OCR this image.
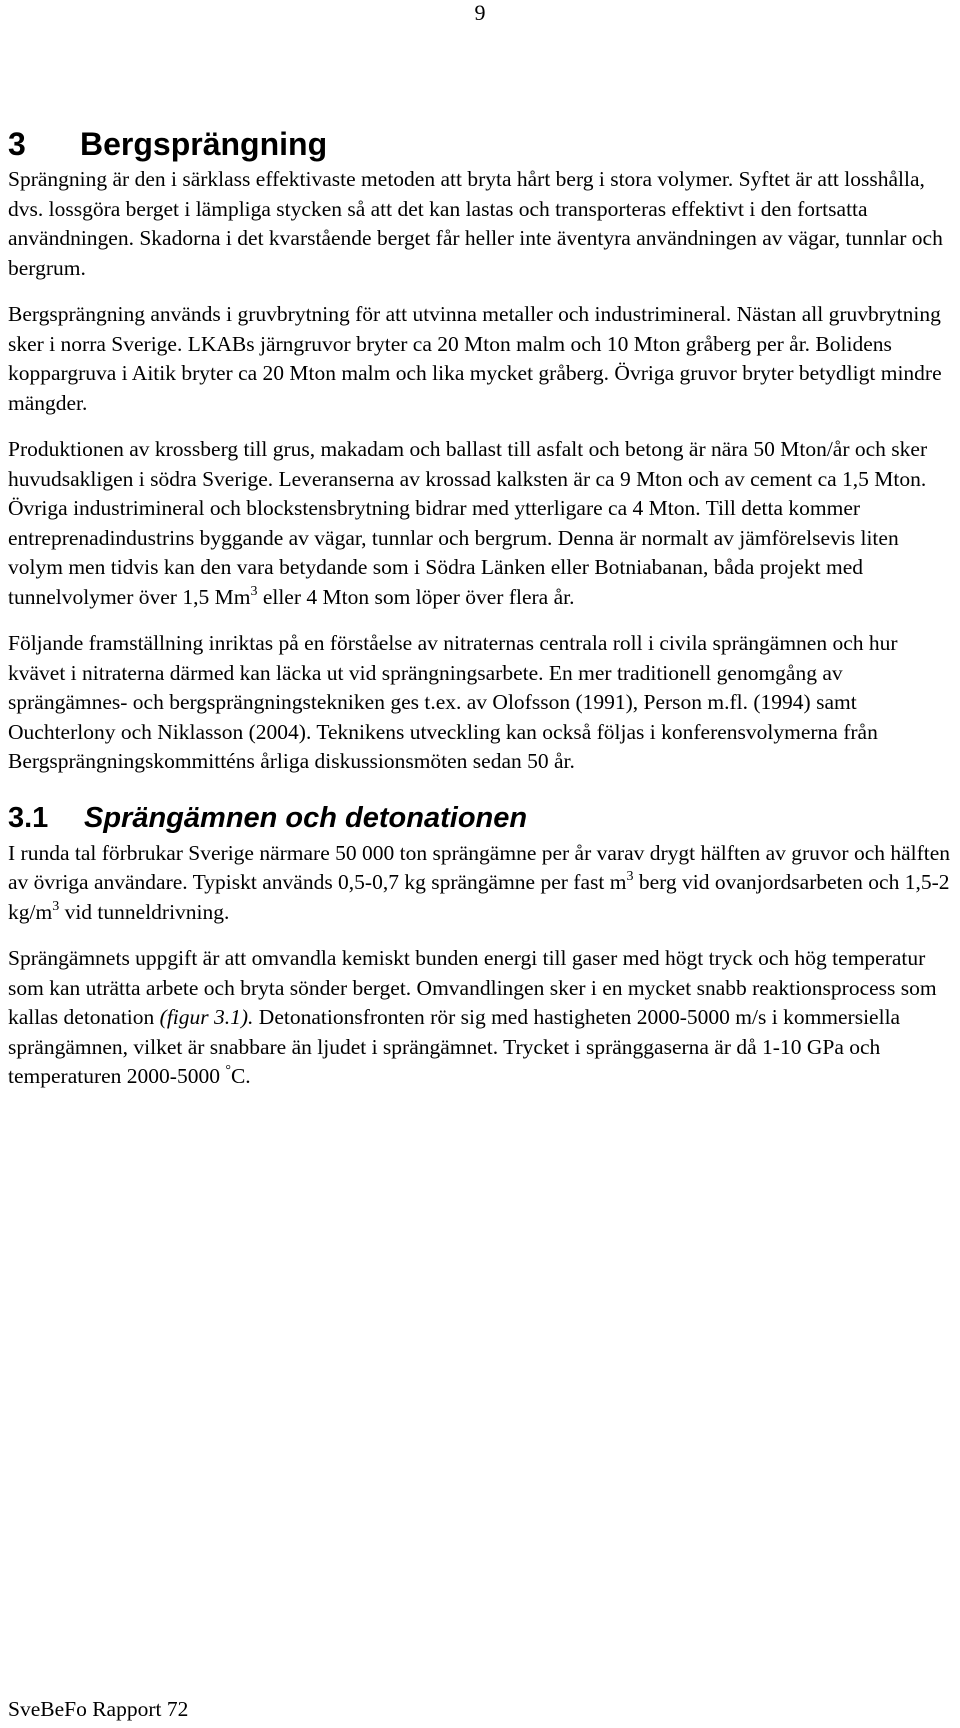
9
3 Bergsprängning

Sprängning är den i särklass effektivaste metoden att bryta hårt berg i stora volymer. Syftet är att losshålla, dvs. lossgöra berget i lämpliga stycken så att det kan lastas och transporteras effektivt i den fortsatta användningen. Skadorna i det kvarstående berget får heller inte äventyra användningen av vägar, tunnlar och bergrum.

Bergsprängning används i gruvbrytning för att utvinna metaller och industrimineral. Nästan all gruvbrytning sker i norra Sverige. LKABs järngruvor bryter ca 20 Mton malm och 10 Mton gråberg per år. Bolidens koppargruva i Aitik bryter ca 20 Mton malm och lika mycket gråberg. Övriga gruvor bryter betydligt mindre mängder.

Produktionen av krossberg till grus, makadam och ballast till asfalt och betong är nära 50 Mton/år och sker huvudsakligen i södra Sverige. Leveranserna av krossad kalksten är ca 9 Mton och av cement ca 1,5 Mton. Övriga industrimineral och blockstensbrytning bidrar med ytterligare ca 4 Mton. Till detta kommer entreprenadindustrins byggande av vägar, tunnlar och bergrum. Denna är normalt av jämförelsevis liten volym men tidvis kan den vara betydande som i Södra Länken eller Botniabanan, båda projekt med tunnelvolymer över 1,5 Mm$^3$ eller 4 Mton som löper över flera år.

Följande framställning inriktas på en förståelse av nitraternas centrala roll i civila sprängämnen och hur kvävet i nitraterna därmed kan läcka ut vid sprängningsarbete. En mer traditionell genomgång av sprängämnes- och bergsprängningstekniken ges t.ex. av Olofsson (1991), Person m.fl. (1994) samt Ouchterlony och Niklasson (2004). Teknikens utveckling kan också följas i konferensvolymerna från Bergsprängningskommitténs årliga diskussionsmöten sedan 50 år.

3.1 Sprängämnen och detonationen

I runda tal förbrukar Sverige närmare 50 000 ton sprängämne per år varav drygt hälften av gruvor och hälften av övriga användare. Typiskt används 0,5-0,7 kg sprängämne per fast $m^3$ berg vid ovanjordsarbeten och 1,5-2 $kg/m^3$ vid tunneldrivning.

Sprängämnets uppgift är att omvandla kemiskt bunden energi till gaser med högt tryck och hög temperatur som kan uträtta arbete och bryta sönder berget. Omvandlingen sker i en mycket snabb reaktionsprocess som kallas detonation (figur 3.1). Detonationsfronten rör sig med hastigheten 2000-5000 m/s i kommersiella sprängämnen, vilket är snabbare än ljudet i sprängämnet. Trycket i spränggaserna är då 1-10 GPa och temperaturen 2000-5000 °C.

SveBeFo Rapport 72
